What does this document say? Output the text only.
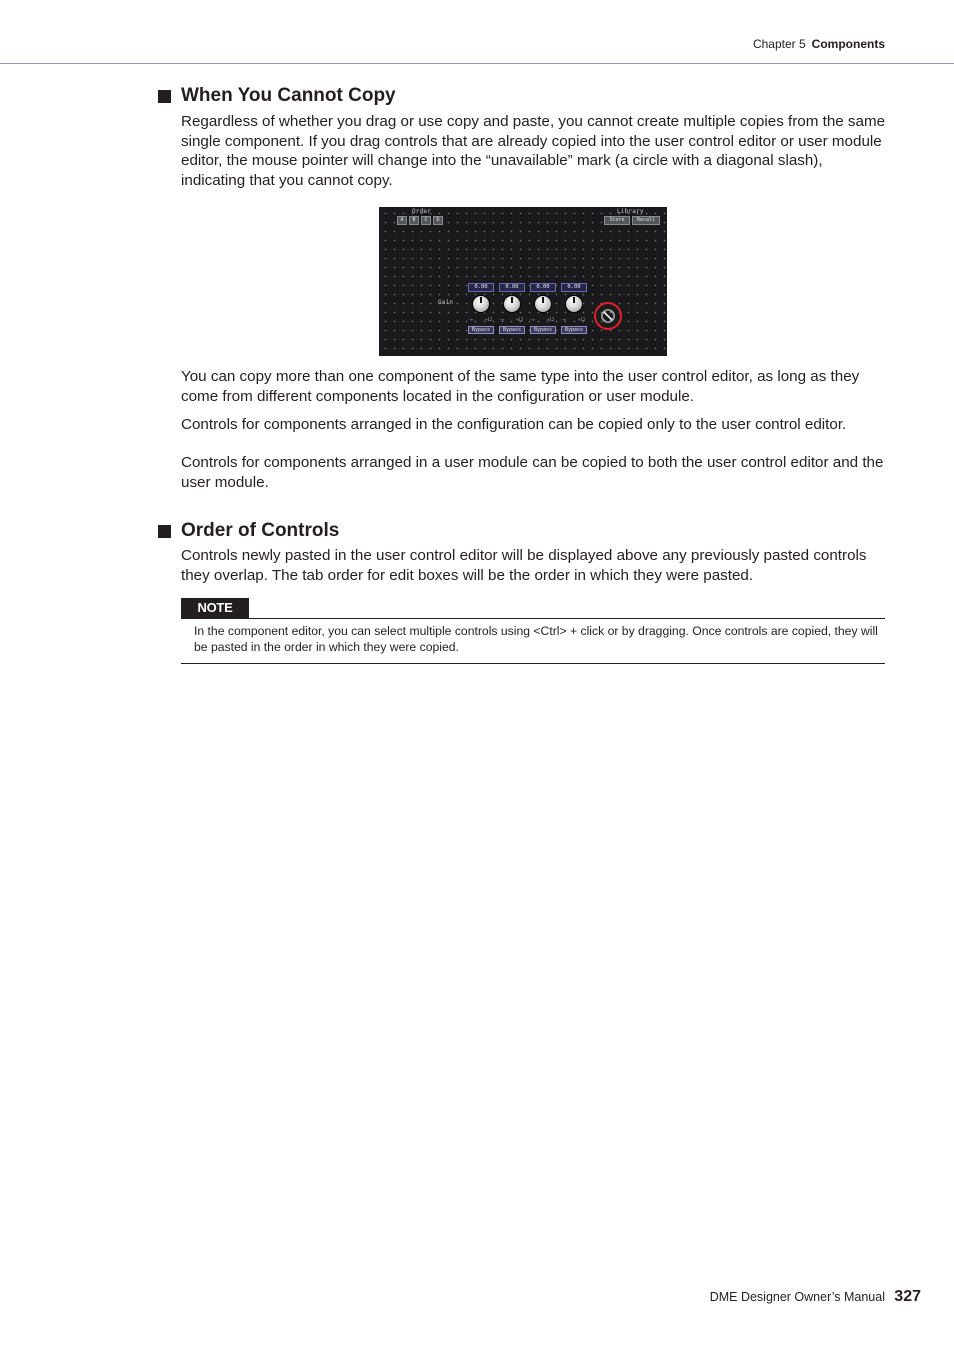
Chapter 5 Components
When You Cannot Copy

Regardless of whether you drag or use copy and paste, you cannot create multiple copies from the same single component. If you drag controls that are already copied into the user control editor or user module editor, the mouse pointer will change into the “unavailable” mark (a circle with a diagonal slash), indicating that you cannot copy.

Order
A	B	C	D
Library
Store	Recall
Gain
0.00
-∞	+12
Bypass
0.00
-∞	+12
Bypass
0.00
-∞	+12
Bypass
0.00
-∞	+12
Bypass

You can copy more than one component of the same type into the user control editor, as long as they come from different components located in the configuration or user module.

Controls for components arranged in the configuration can be copied only to the user control editor.

Controls for components arranged in a user module can be copied to both the user control editor and the user module.

Order of Controls

Controls newly pasted in the user control editor will be displayed above any previously pasted controls they overlap. The tab order for edit boxes will be the order in which they were pasted.

NOTE

In the component editor, you can select multiple controls using <Ctrl> + click or by dragging. Once controls are copied, they will be pasted in the order in which they were copied.

DME Designer Owner’s Manual 327
